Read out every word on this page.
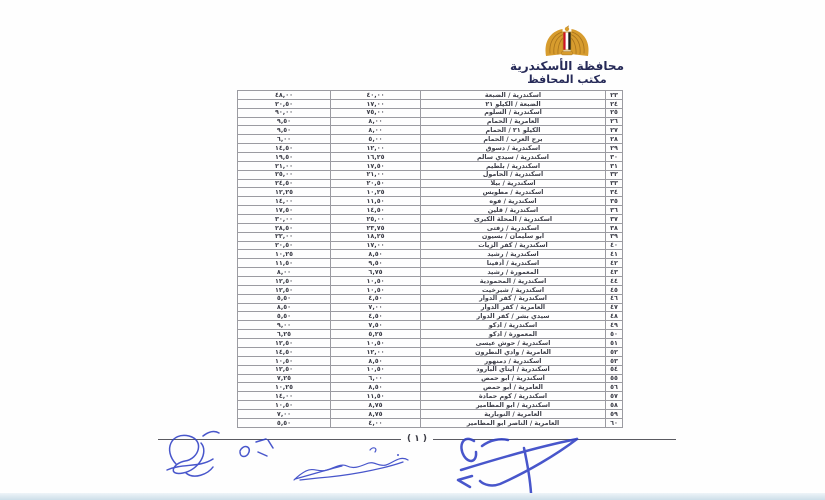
محافظة الأسكندرية
مكتب المحافظ
٤٨,٠٠	٤٠,٠٠	اسكندرية / الضبعة	٢٣
٢٠,٥٠	١٧,٠٠	الضبعة / الكيلو ٢١	٢٤
٩٠,٠٠	٧٥,٠٠	اسكندرية / السلوم	٢٥
٩,٥٠	٨,٠٠	العامرية / الحمام	٢٦
٩,٥٠	٨,٠٠	الكيلو ٢١ / الحمام	٢٧
٦,٠٠	٥,٠٠	برج العرب / الحمام	٢٨
١٤,٥٠	١٢,٠٠	اسكندرية / دسوق	٢٩
١٩,٥٠	١٦,٢٥	اسكندرية / سيدي سالم	٣٠
٢١,٠٠	١٧,٥٠	اسكندرية / بلطيم	٣١
٢٥,٠٠	٢١,٠٠	اسكندرية / الحامول	٣٢
٢٤,٥٠	٢٠,٥٠	اسكندرية / بيلا	٣٣
١٢,٢٥	١٠,٢٥	اسكندرية / مطوبس	٣٤
١٤,٠٠	١١,٥٠	اسكندرية / فوه	٣٥
١٧,٥٠	١٤,٥٠	اسكندرية / قلين	٣٦
٣٠,٠٠	٢٥,٠٠	اسكندرية / المحلة الكبرى	٣٧
٢٨,٥٠	٢٣,٧٥	اسكندرية / زفتى	٣٨
٢٢,٠٠	١٨,٢٥	أبو سليمان / بسيون	٣٩
٢٠,٥٠	١٧,٠٠	اسكندرية / كفر الزيات	٤٠
١٠,٢٥	٨,٥٠	اسكندرية / رشيد	٤١
١١,٥٠	٩,٥٠	اسكندرية / أدفينا	٤٢
٨,٠٠	٦,٧٥	المعمورة / رشيد	٤٣
١٢,٥٠	١٠,٥٠	اسكندرية / المحمودية	٤٤
١٢,٥٠	١٠,٥٠	اسكندرية / شبرخيت	٤٥
٥,٥٠	٤,٥٠	اسكندرية / كفر الدوار	٤٦
٨,٥٠	٧,٠٠	العامرية / كفر الدوار	٤٧
٥,٥٠	٤,٥٠	سيدي بشر / كفر الدوار	٤٨
٩,٠٠	٧,٥٠	اسكندرية / ادكو	٤٩
٦,٢٥	٥,٢٥	المعمورة / ادكو	٥٠
١٢,٥٠	١٠,٥٠	اسكندرية / حوش عيسى	٥١
١٤,٥٠	١٢,٠٠	العامرية / وادي النطرون	٥٢
١٠,٥٠	٨,٥٠	اسكندرية / دمنهور	٥٣
١٢,٥٠	١٠,٥٠	اسكندرية / ايتاي البارود	٥٤
٧,٢٥	٦,٠٠	اسكندرية / أبو حمص	٥٥
١٠,٢٥	٨,٥٠	العامرية / أبو حمص	٥٦
١٤,٠٠	١١,٥٠	اسكندرية / كوم حمادة	٥٧
١٠,٥٠	٨,٧٥	اسكندرية / ابو المطامير	٥٨
٧,٠٠	٨,٧٥	العامرية / النوبارية	٥٩
٥,٥٠	٤,٠٠	العامرية / الناصر ابو المطامير	٦٠
( ١ )
